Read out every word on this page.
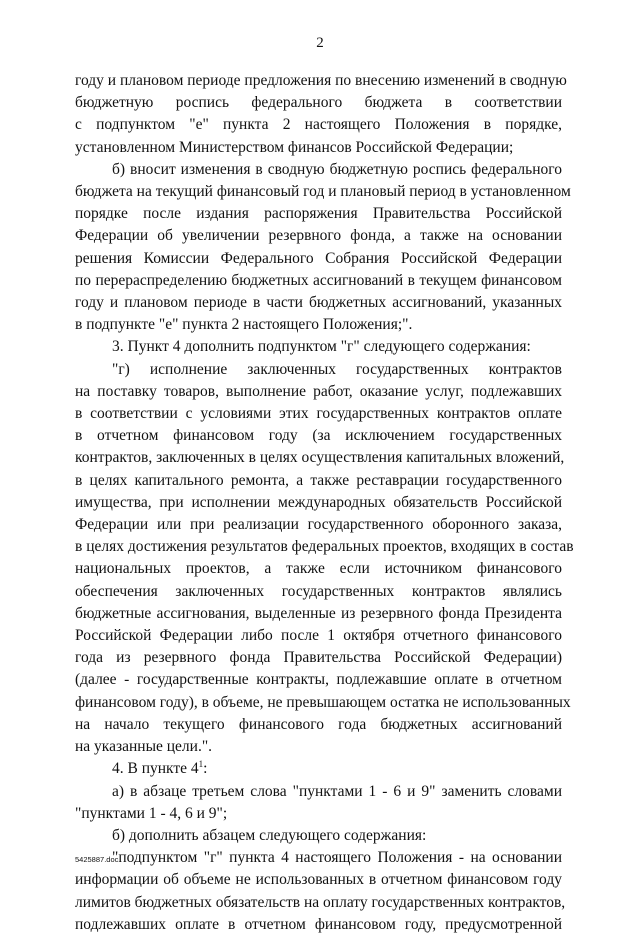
2
году и плановом периоде предложения по внесению изменений в сводную
бюджетную роспись федерального бюджета в соответствии
с подпунктом "е" пункта 2 настоящего Положения в порядке,
установленном Министерством финансов Российской Федерации;
б) вносит изменения в сводную бюджетную роспись федерального
бюджета на текущий финансовый год и плановый период в установленном
порядке после издания распоряжения Правительства Российской
Федерации об увеличении резервного фонда, а также на основании
решения Комиссии Федерального Собрания Российской Федерации
по перераспределению бюджетных ассигнований в текущем финансовом
году и плановом периоде в части бюджетных ассигнований, указанных
в подпункте "е" пункта 2 настоящего Положения;".
3. Пункт 4 дополнить подпунктом "г" следующего содержания:
"г) исполнение заключенных государственных контрактов
на поставку товаров, выполнение работ, оказание услуг, подлежавших
в соответствии с условиями этих государственных контрактов оплате
в отчетном финансовом году (за исключением государственных
контрактов, заключенных в целях осуществления капитальных вложений,
в целях капитального ремонта, а также реставрации государственного
имущества, при исполнении международных обязательств Российской
Федерации или при реализации государственного оборонного заказа,
в целях достижения результатов федеральных проектов, входящих в состав
национальных проектов, а также если источником финансового
обеспечения заключенных государственных контрактов являлись
бюджетные ассигнования, выделенные из резервного фонда Президента
Российской Федерации либо после 1 октября отчетного финансового
года из резервного фонда Правительства Российской Федерации)
(далее - государственные контракты, подлежавшие оплате в отчетном
финансовом году), в объеме, не превышающем остатка не использованных
на начало текущего финансового года бюджетных ассигнований
на указанные цели.".
4. В пункте $4^1$:
а) в абзаце третьем слова "пунктами 1 - 6 и 9" заменить словами
"пунктами 1 - 4, 6 и 9";
б) дополнить абзацем следующего содержания:
"подпунктом "г" пункта 4 настоящего Положения - на основании
информации об объеме не использованных в отчетном финансовом году
лимитов бюджетных обязательств на оплату государственных контрактов,
подлежавших оплате в отчетном финансовом году, предусмотренной
5425887.doc
